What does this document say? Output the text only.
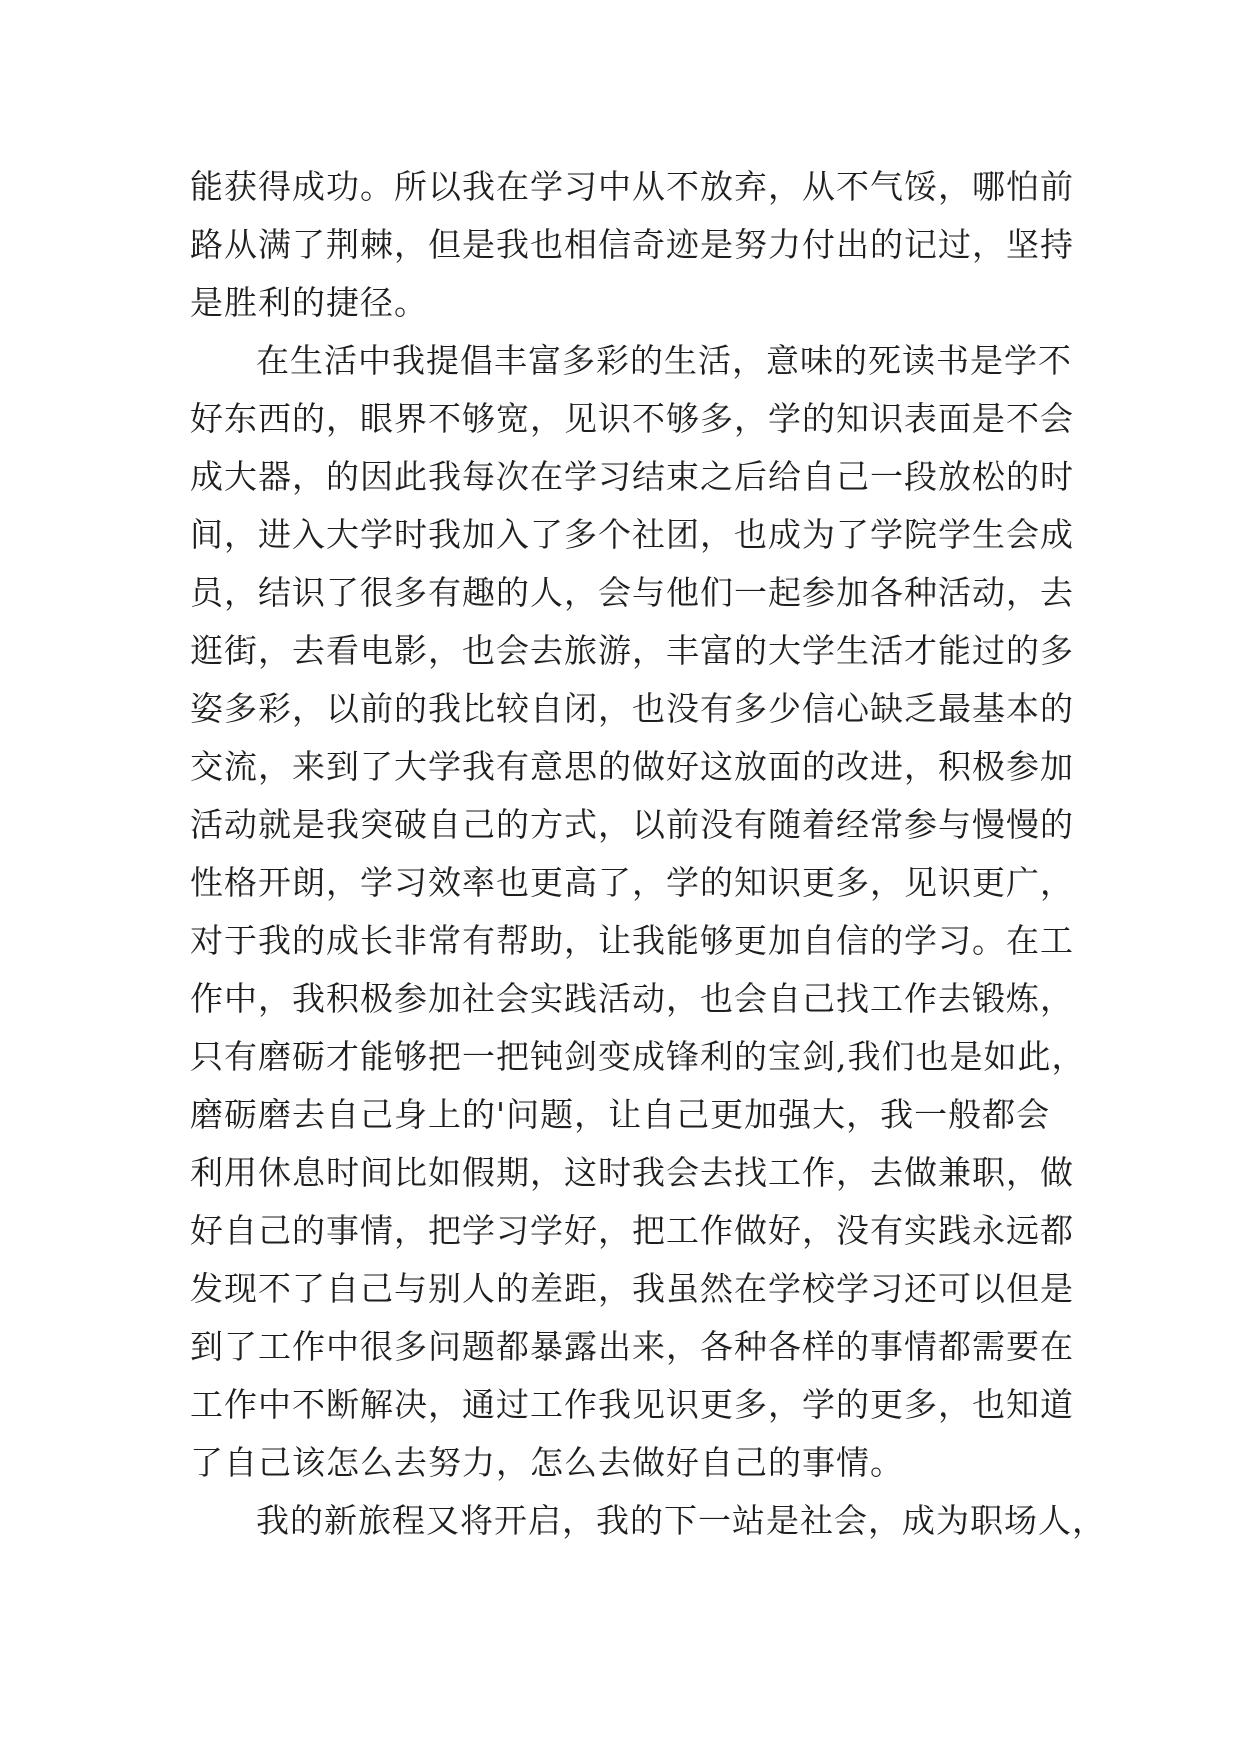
能获得成功。所以我在学习中从不放弃，从不气馁，哪怕前
路从满了荆棘，但是我也相信奇迹是努力付出的记过，坚持
是胜利的捷径。
在生活中我提倡丰富多彩的生活，意味的死读书是学不
好东西的，眼界不够宽，见识不够多，学的知识表面是不会
成大器，的因此我每次在学习结束之后给自己一段放松的时
间，进入大学时我加入了多个社团，也成为了学院学生会成
员，结识了很多有趣的人，会与他们一起参加各种活动，去
逛街，去看电影，也会去旅游，丰富的大学生活才能过的多
姿多彩，以前的我比较自闭，也没有多少信心缺乏最基本的
交流，来到了大学我有意思的做好这放面的改进，积极参加
活动就是我突破自己的方式，以前没有随着经常参与慢慢的
性格开朗，学习效率也更高了，学的知识更多，见识更广，
对于我的成长非常有帮助，让我能够更加自信的学习。在工
作中，我积极参加社会实践活动，也会自己找工作去锻炼，
只有磨砺才能够把一把钝剑变成锋利的宝剑,我们也是如此，
磨砺磨去自己身上的'问题，让自己更加强大，我一般都会
利用休息时间比如假期，这时我会去找工作，去做兼职，做
好自己的事情，把学习学好，把工作做好，没有实践永远都
发现不了自己与别人的差距，我虽然在学校学习还可以但是
到了工作中很多问题都暴露出来，各种各样的事情都需要在
工作中不断解决，通过工作我见识更多，学的更多，也知道
了自己该怎么去努力，怎么去做好自己的事情。
我的新旅程又将开启，我的下一站是社会，成为职场人，
